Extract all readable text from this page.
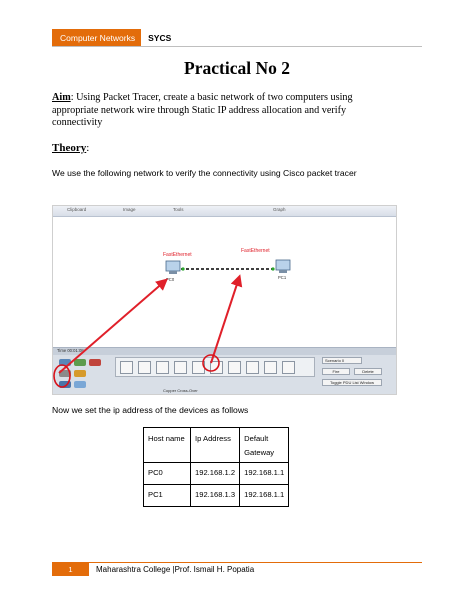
Computer Networks	SYCS
Practical No 2

Aim: Using Packet Tracer, create a basic network of two computers using appropriate network wire through Static IP address allocation and verify connectivity

Theory:

We use the following network to verify the connectivity using Cisco packet tracer

Clipboard	Image	Tools	Graph
Time 00:01:08
Copper Cross-Over
Scenario 0
Fire	Delete
Toggle PDU List Window
FastEthernet
FastEthernet
PC0	PC1

Now we set the ip address of the devices as follows

Host name	Ip Address	Default Gateway
PC0	192.168.1.2	192.168.1.1
PC1	192.168.1.3	192.168.1.1
1	Maharashtra College |Prof. Ismail H. Popatia
